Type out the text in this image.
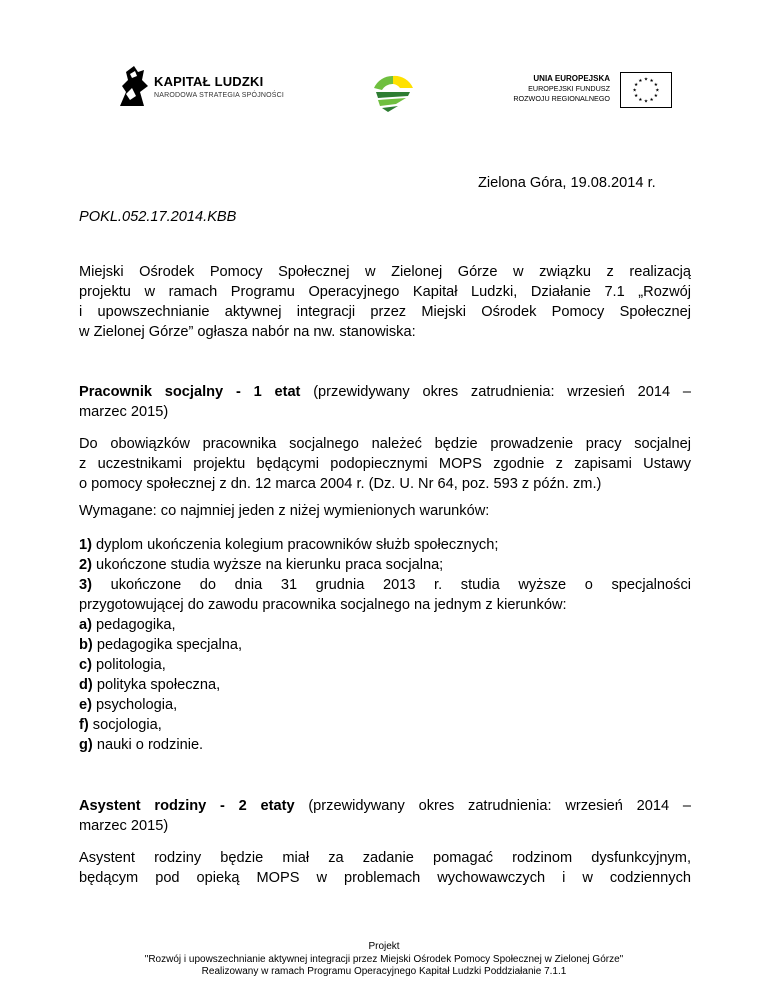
KAPITAŁ LUDZKI
NARODOWA STRATEGIA SPÓJNOŚCI
UNIA EUROPEJSKA
EUROPEJSKI FUNDUSZ
ROZWOJU REGIONALNEGO
★ ★
★
★
★
★
★
★
★
★
★
★
Zielona Góra, 19.08.2014 r.
POKL.052.17.2014.KBB
Miejski Ośrodek Pomocy Społecznej w Zielonej Górze w związku z realizacją
projektu w ramach Programu Operacyjnego Kapitał Ludzki, Działanie 7.1 „Rozwój
i upowszechnianie aktywnej integracji przez Miejski Ośrodek Pomocy Społecznej
w Zielonej Górze” ogłasza nabór na nw. stanowiska:
Pracownik socjalny - 1 etat (przewidywany okres zatrudnienia: wrzesień 2014 –
marzec 2015)
Do obowiązków pracownika socjalnego należeć będzie prowadzenie pracy socjalnej
z uczestnikami projektu będącymi podopiecznymi MOPS zgodnie z zapisami Ustawy
o pomocy społecznej z dn. 12 marca 2004 r. (Dz. U. Nr 64, poz. 593 z późn. zm.)
Wymagane: co najmniej jeden z niżej wymienionych warunków:
1) dyplom ukończenia kolegium pracowników służb społecznych;
2) ukończone studia wyższe na kierunku praca socjalna;
3) ukończone do dnia 31 grudnia 2013 r. studia wyższe o specjalności
przygotowującej do zawodu pracownika socjalnego na jednym z kierunków:
a) pedagogika,
b) pedagogika specjalna,
c) politologia,
d) polityka społeczna,
e) psychologia,
f) socjologia,
g) nauki o rodzinie.
Asystent rodziny - 2 etaty (przewidywany okres zatrudnienia: wrzesień 2014 –
marzec 2015)
Asystent rodziny będzie miał za zadanie pomagać rodzinom dysfunkcyjnym,
będącym pod opieką MOPS w problemach wychowawczych i w codziennych
Projekt
"Rozwój i upowszechnianie aktywnej integracji przez Miejski Ośrodek Pomocy Społecznej w Zielonej Górze"
Realizowany w ramach Programu Operacyjnego Kapitał Ludzki Poddziałanie 7.1.1
